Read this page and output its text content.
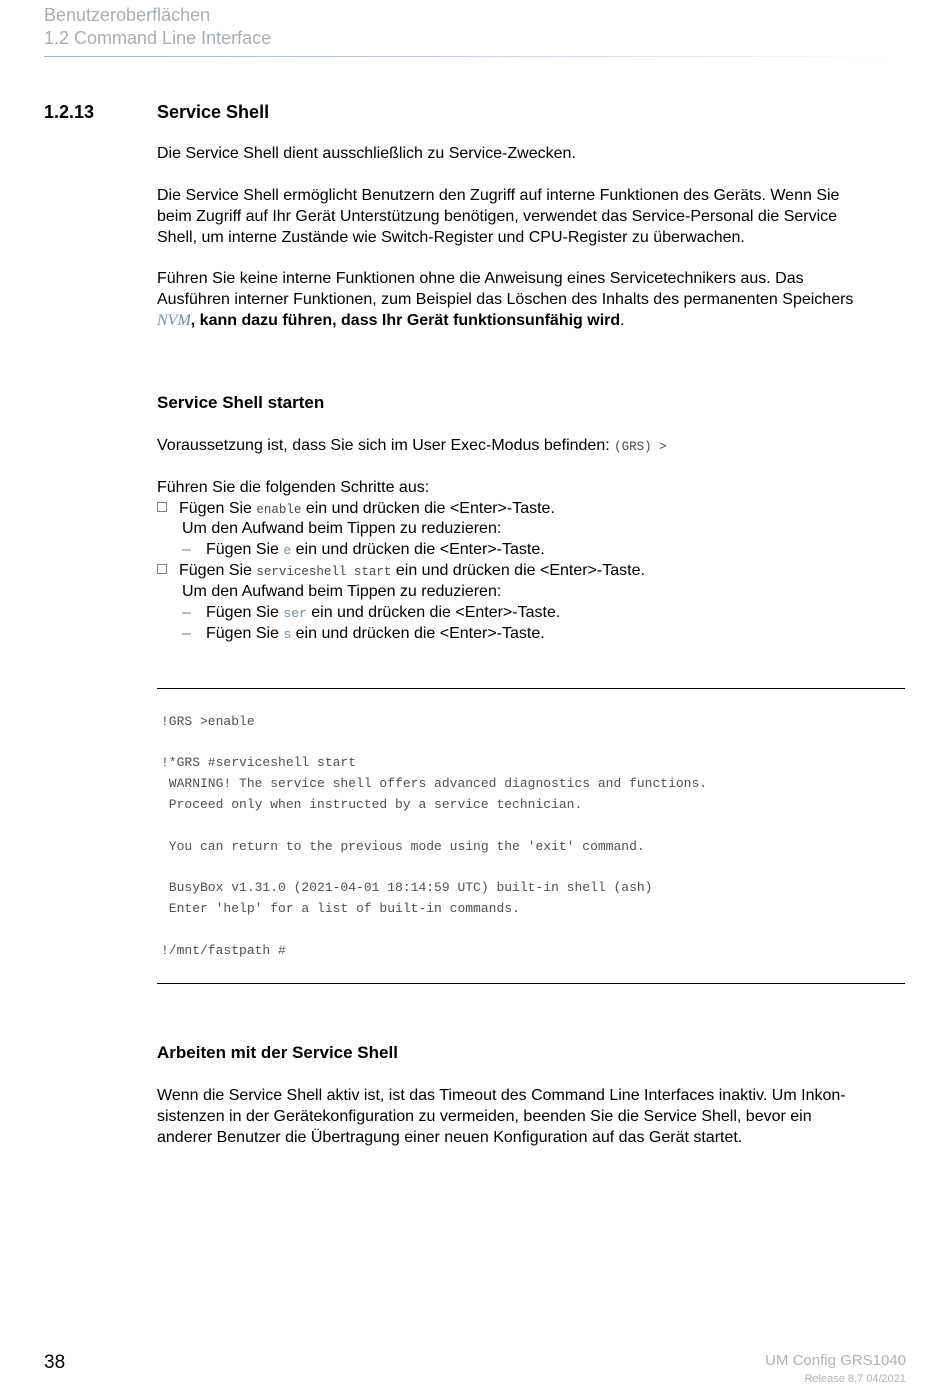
Benutzeroberflächen
1.2 Command Line Interface
1.2.13	Service Shell

Die Service Shell dient ausschließlich zu Service-Zwecken.

Die Service Shell ermöglicht Benutzern den Zugriff auf interne Funktionen des Geräts. Wenn Sie
beim Zugriff auf Ihr Gerät Unterstützung benötigen, verwendet das Service-Personal die Service
Shell, um interne Zustände wie Switch-Register und CPU-Register zu überwachen.
Führen Sie keine interne Funktionen ohne die Anweisung eines Servicetechnikers aus. Das
Ausführen interner Funktionen, zum Beispiel das Löschen des Inhalts des permanenten Speichers
NVM, kann dazu führen, dass Ihr Gerät funktionsunfähig wird.
Service Shell starten
Voraussetzung ist, dass Sie sich im User Exec-Modus befinden: (GRS) >
Führen Sie die folgenden Schritte aus:
Fügen Sie enable ein und drücken die <Enter>-Taste.
Um den Aufwand beim Tippen zu reduzieren:
– Fügen Sie e ein und drücken die <Enter>-Taste.
Fügen Sie serviceshell start ein und drücken die <Enter>-Taste.
Um den Aufwand beim Tippen zu reduzieren:
– Fügen Sie ser ein und drücken die <Enter>-Taste.
– Fügen Sie s ein und drücken die <Enter>-Taste.
!GRS >enable
!*GRS #serviceshell start
WARNING! The service shell offers advanced diagnostics and functions.
Proceed only when instructed by a service technician.
You can return to the previous mode using the 'exit' command.
BusyBox v1.31.0 (2021-04-01 18:14:59 UTC) built-in shell (ash)
Enter 'help' for a list of built-in commands.
!/mnt/fastpath #
Arbeiten mit der Service Shell
Wenn die Service Shell aktiv ist, ist das Timeout des Command Line Interfaces inaktiv. Um Inkon-
sistenzen in der Gerätekonfiguration zu vermeiden, beenden Sie die Service Shell, bevor ein
anderer Benutzer die Übertragung einer neuen Konfiguration auf das Gerät startet.
38	UM Config GRS1040
Release 8.7 04/2021
